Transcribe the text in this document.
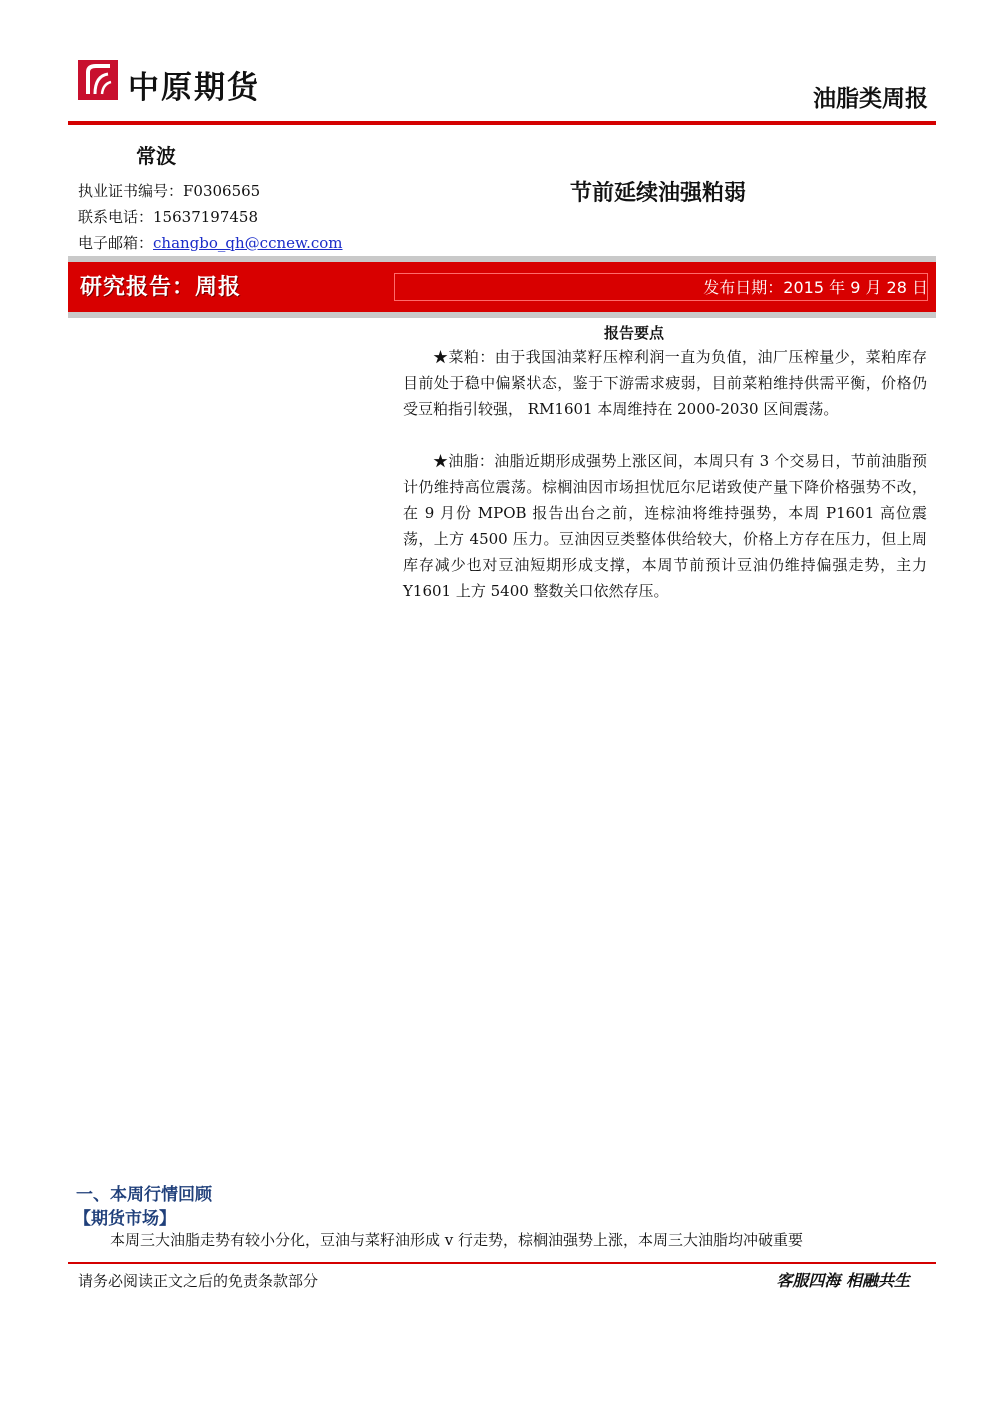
中原期货	油脂类周报
常波
执业证书编号：F0306565
联系电话：15637197458
电子邮箱：changbo_qh@ccnew.com
节前延续油强粕弱
研究报告：周报	发布日期：2015 年 9 月 28 日
报告要点

★菜粕：由于我国油菜籽压榨利润一直为负值，油厂压榨量少，菜粕库存目前处于稳中偏紧状态，鉴于下游需求疲弱，目前菜粕维持供需平衡，价格仍受豆粕指引较强， RM1601 本周维持在 2000-2030 区间震荡。

★油脂：油脂近期形成强势上涨区间，本周只有 3 个交易日，节前油脂预计仍维持高位震荡。棕榈油因市场担忧厄尔尼诺致使产量下降价格强势不改，在 9 月份 MPOB 报告出台之前，连棕油将维持强势，本周 P1601 高位震荡，上方 4500 压力。豆油因豆类整体供给较大，价格上方存在压力，但上周库存减少也对豆油短期形成支撑，本周节前预计豆油仍维持偏强走势，主力 Y1601 上方 5400 整数关口依然存压。

一、本周行情回顾
【期货市场】
本周三大油脂走势有较小分化，豆油与菜籽油形成 v 行走势，棕榈油强势上涨，本周三大油脂均冲破重要
请务必阅读正文之后的免责条款部分	客服四海 相融共生
